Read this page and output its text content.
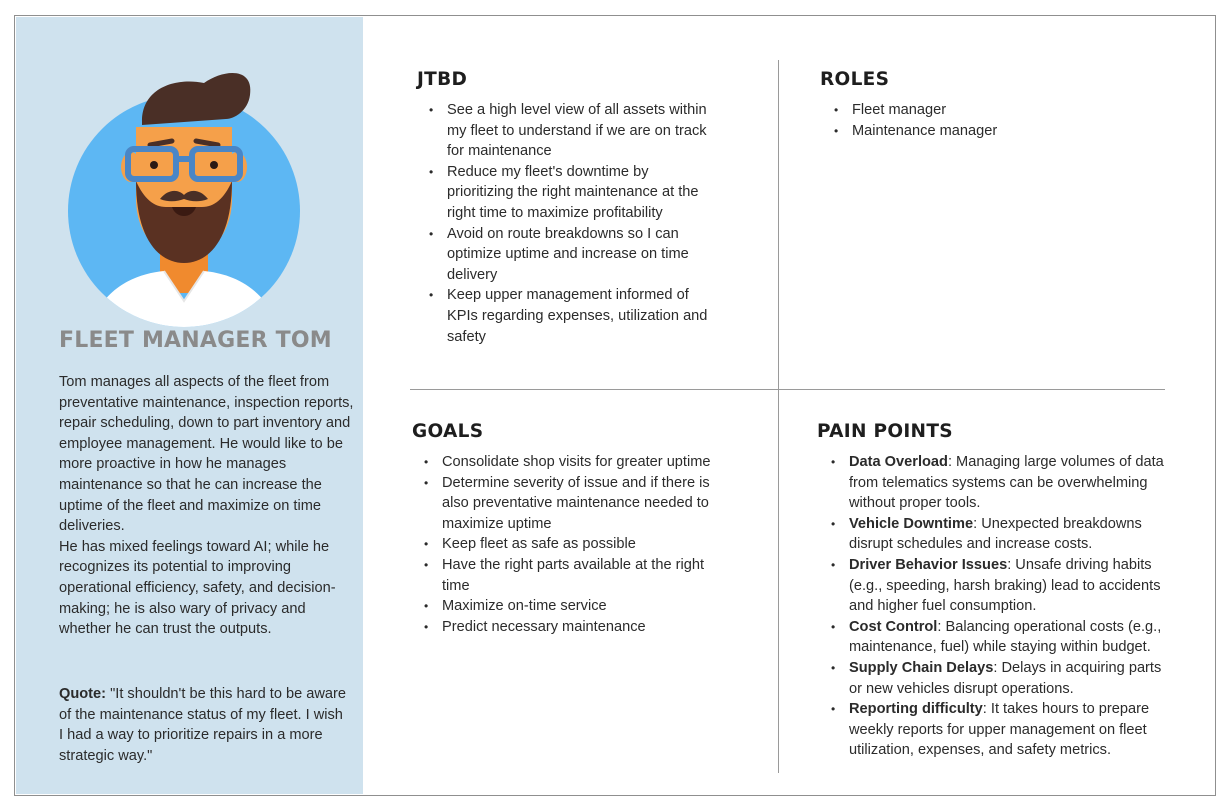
FLEET MANAGER TOM

Tom manages all aspects of the fleet from preventative maintenance, inspection reports, repair scheduling, down to part inventory and employee management. He would like to be more proactive in how he manages maintenance so that he can increase the uptime of the fleet and maximize on time deliveries.

He has mixed feelings toward AI; while he recognizes its potential to improving operational efficiency, safety, and decision-making; he is also wary of privacy and whether he can trust the outputs.

Quote: "It shouldn't be this hard to be aware of the maintenance status of my fleet. I wish I had a way to prioritize repairs in a more strategic way."

JTBD
• See a high level view of all assets within my fleet to understand if we are on track for maintenance
• Reduce my fleet's downtime by prioritizing the right maintenance at the right time to maximize profitability
• Avoid on route breakdowns so I can optimize uptime and increase on time delivery
• Keep upper management informed of KPIs regarding expenses, utilization and safety
ROLES
• Fleet manager
• Maintenance manager
GOALS
• Consolidate shop visits for greater uptime
• Determine severity of issue and if there is also preventative maintenance needed to maximize uptime
• Keep fleet as safe as possible
• Have the right parts available at the right time
• Maximize on-time service
• Predict necessary maintenance
PAIN POINTS
• Data Overload: Managing large volumes of data from telematics systems can be overwhelming without proper tools.
• Vehicle Downtime: Unexpected breakdowns disrupt schedules and increase costs.
• Driver Behavior Issues: Unsafe driving habits (e.g., speeding, harsh braking) lead to accidents and higher fuel consumption.
• Cost Control: Balancing operational costs (e.g., maintenance, fuel) while staying within budget.
• Supply Chain Delays: Delays in acquiring parts or new vehicles disrupt operations.
• Reporting difficulty: It takes hours to prepare weekly reports for upper management on fleet utilization, expenses, and safety metrics.
